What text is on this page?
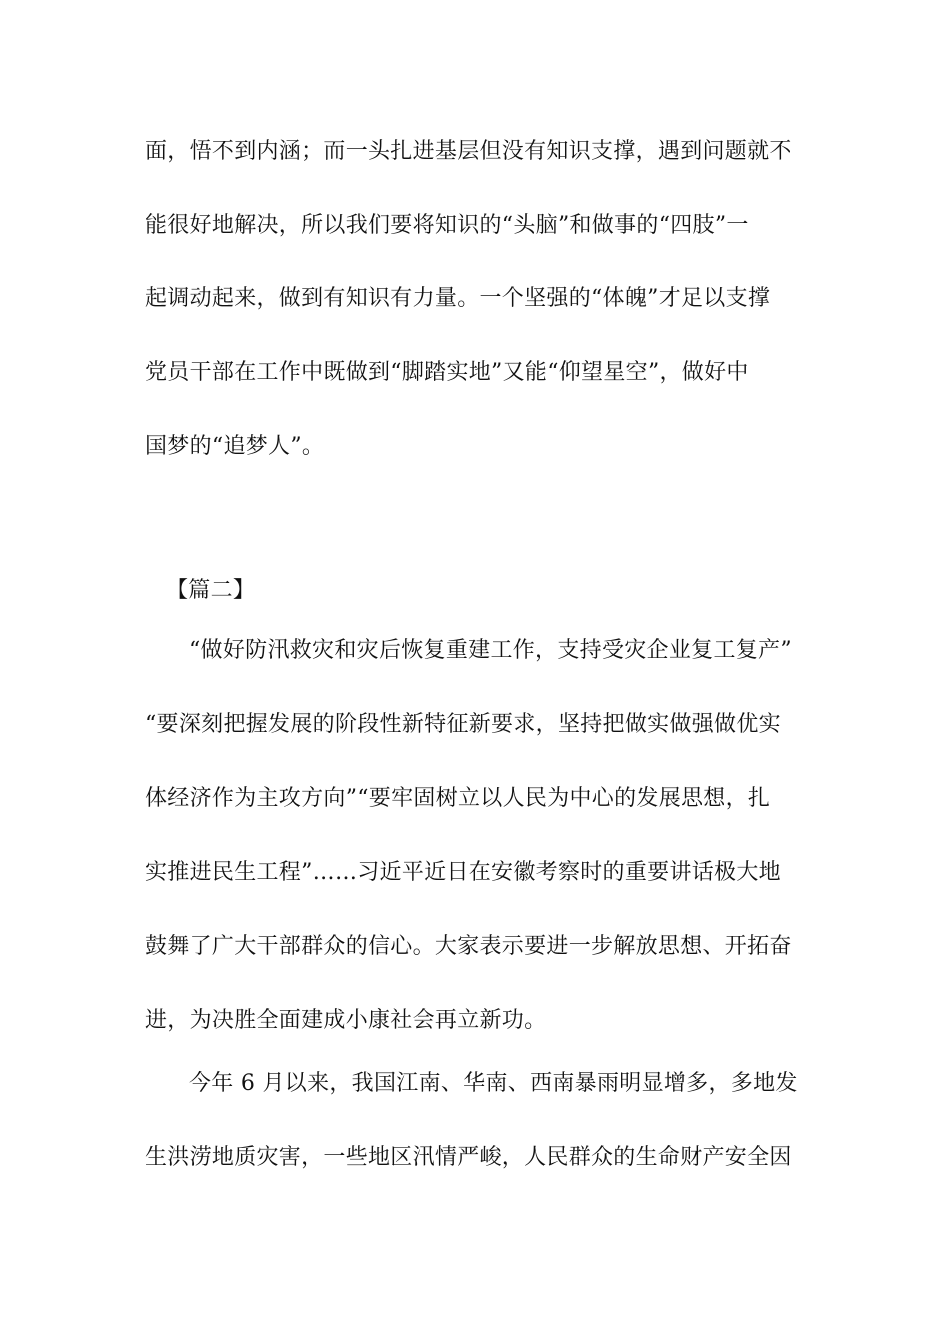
面，悟不到内涵；而一头扎进基层但没有知识支撑，遇到问题就不
能很好地解决，所以我们要将知识的“头脑”和做事的“四肢”一
起调动起来，做到有知识有力量。一个坚强的“体魄”才足以支撑
党员干部在工作中既做到“脚踏实地”又能“仰望星空”，做好中
国梦的“追梦人”。
【篇二】
“做好防汛救灾和灾后恢复重建工作，支持受灾企业复工复产”
“要深刻把握发展的阶段性新特征新要求，坚持把做实做强做优实
体经济作为主攻方向”“要牢固树立以人民为中心的发展思想，扎
实推进民生工程”……习近平近日在安徽考察时的重要讲话极大地
鼓舞了广大干部群众的信心。大家表示要进一步解放思想、开拓奋
进，为决胜全面建成小康社会再立新功。
今年 6 月以来，我国江南、华南、西南暴雨明显增多，多地发
生洪涝地质灾害，一些地区汛情严峻，人民群众的生命财产安全因
